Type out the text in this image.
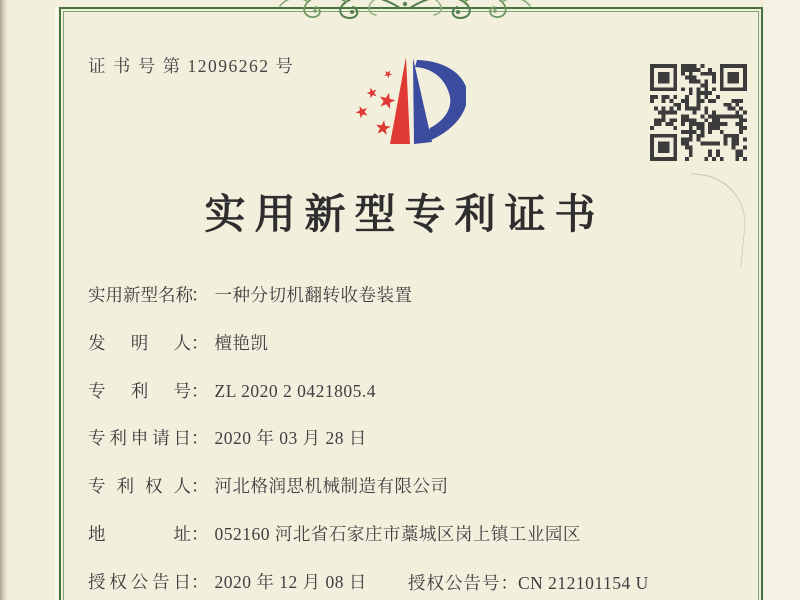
证 书 号 第 12096262 号
实用新型专利证书
实用新型名称： 一种分切机翻转收卷装置
发明人： 檀艳凯
专利号： ZL 2020 2 0421805.4
专利申请日： 2020 年 03 月 28 日
专利权人： 河北格润思机械制造有限公司
地址： 052160 河北省石家庄市藁城区岗上镇工业园区
授权公告日： 2020 年 12 月 08 日	授权公告号：CN 212101154 U
